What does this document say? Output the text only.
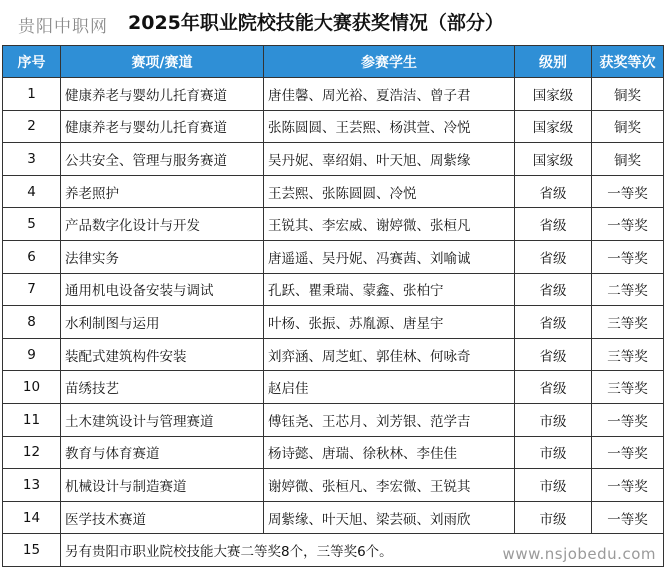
贵阳中职网 2025年职业院校技能大赛获奖情况（部分）
序号	赛项/赛道	参赛学生	级别	获奖等次
1	健康养老与婴幼儿托育赛道	唐佳馨、周光裕、夏浩洁、曾子君	国家级	铜奖
2	健康养老与婴幼儿托育赛道	张陈圆圆、王芸熙、杨淇萱、冷悦	国家级	铜奖
3	公共安全、管理与服务赛道	吴丹妮、辜绍娟、叶天旭、周紫缘	国家级	铜奖
4	养老照护	王芸熙、张陈圆圆、冷悦	省级	一等奖
5	产品数字化设计与开发	王锐其、李宏威、谢婷微、张桓凡	省级	一等奖
6	法律实务	唐遥遥、吴丹妮、冯赛茜、刘喻诚	省级	一等奖
7	通用机电设备安装与调试	孔跃、瞿秉瑞、蒙鑫、张柏宁	省级	二等奖
8	水利制图与运用	叶杨、张振、苏胤源、唐星宇	省级	三等奖
9	装配式建筑构件安装	刘弈涵、周芝虹、郭佳林、何咏奇	省级	三等奖
10	苗绣技艺	赵启佳	省级	三等奖
11	土木建筑设计与管理赛道	傅钰尧、王芯月、刘芳银、范学吉	市级	一等奖
12	教育与体育赛道	杨诗懿、唐瑞、徐秋林、李佳佳	市级	一等奖
13	机械设计与制造赛道	谢婷微、张桓凡、李宏微、王锐其	市级	一等奖
14	医学技术赛道	周紫缘、叶天旭、梁芸硕、刘雨欣	市级	一等奖
15	另有贵阳市职业院校技能大赛二等奖8个，三等奖6个。				www.nsjobedu.com
